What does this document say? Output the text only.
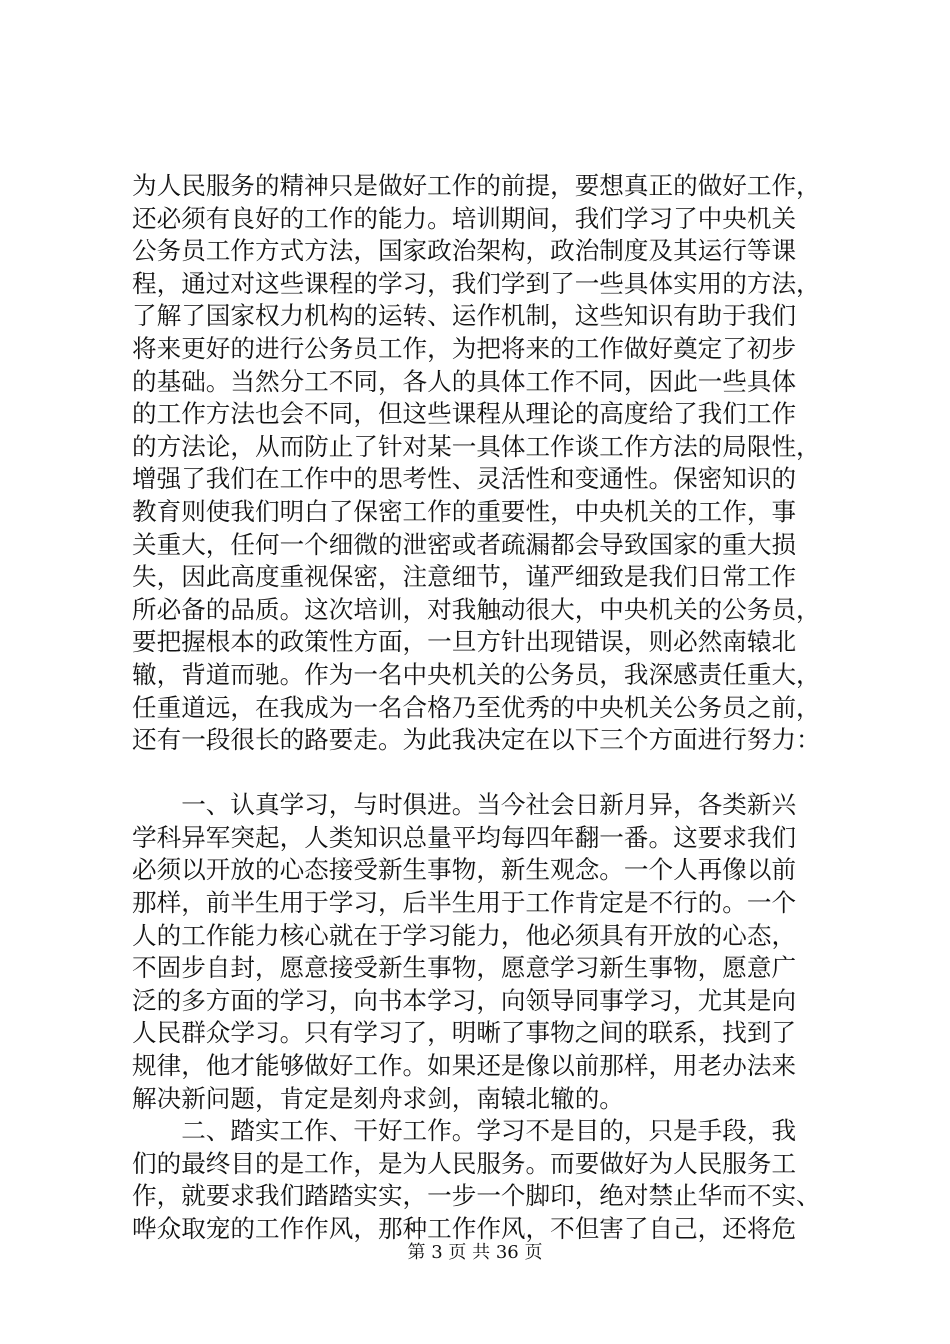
为人民服务的精神只是做好工作的前提，要想真正的做好工作，
还必须有良好的工作的能力。培训期间，我们学习了中央机关
公务员工作方式方法，国家政治架构，政治制度及其运行等课
程，通过对这些课程的学习，我们学到了一些具体实用的方法，
了解了国家权力机构的运转、运作机制，这些知识有助于我们
将来更好的进行公务员工作，为把将来的工作做好奠定了初步
的基础。当然分工不同，各人的具体工作不同，因此一些具体
的工作方法也会不同，但这些课程从理论的高度给了我们工作
的方法论，从而防止了针对某一具体工作谈工作方法的局限性，
增强了我们在工作中的思考性、灵活性和变通性。保密知识的
教育则使我们明白了保密工作的重要性，中央机关的工作，事
关重大，任何一个细微的泄密或者疏漏都会导致国家的重大损
失，因此高度重视保密，注意细节，谨严细致是我们日常工作
所必备的品质。这次培训，对我触动很大，中央机关的公务员，
要把握根本的政策性方面，一旦方针出现错误，则必然南辕北
辙，背道而驰。作为一名中央机关的公务员，我深感责任重大，
任重道远，在我成为一名合格乃至优秀的中央机关公务员之前，
还有一段很长的路要走。为此我决定在以下三个方面进行努力：
　　一、认真学习，与时俱进。当今社会日新月异，各类新兴
学科异军突起，人类知识总量平均每四年翻一番。这要求我们
必须以开放的心态接受新生事物，新生观念。一个人再像以前
那样，前半生用于学习，后半生用于工作肯定是不行的。一个
人的工作能力核心就在于学习能力，他必须具有开放的心态，
不固步自封，愿意接受新生事物，愿意学习新生事物，愿意广
泛的多方面的学习，向书本学习，向领导同事学习，尤其是向
人民群众学习。只有学习了，明晰了事物之间的联系，找到了
规律，他才能够做好工作。如果还是像以前那样，用老办法来
解决新问题，肯定是刻舟求剑，南辕北辙的。
　　二、踏实工作、干好工作。学习不是目的，只是手段，我
们的最终目的是工作，是为人民服务。而要做好为人民服务工
作，就要求我们踏踏实实，一步一个脚印，绝对禁止华而不实、
哗众取宠的工作作风，那种工作作风，不但害了自己，还将危
第 3 页 共 36 页
